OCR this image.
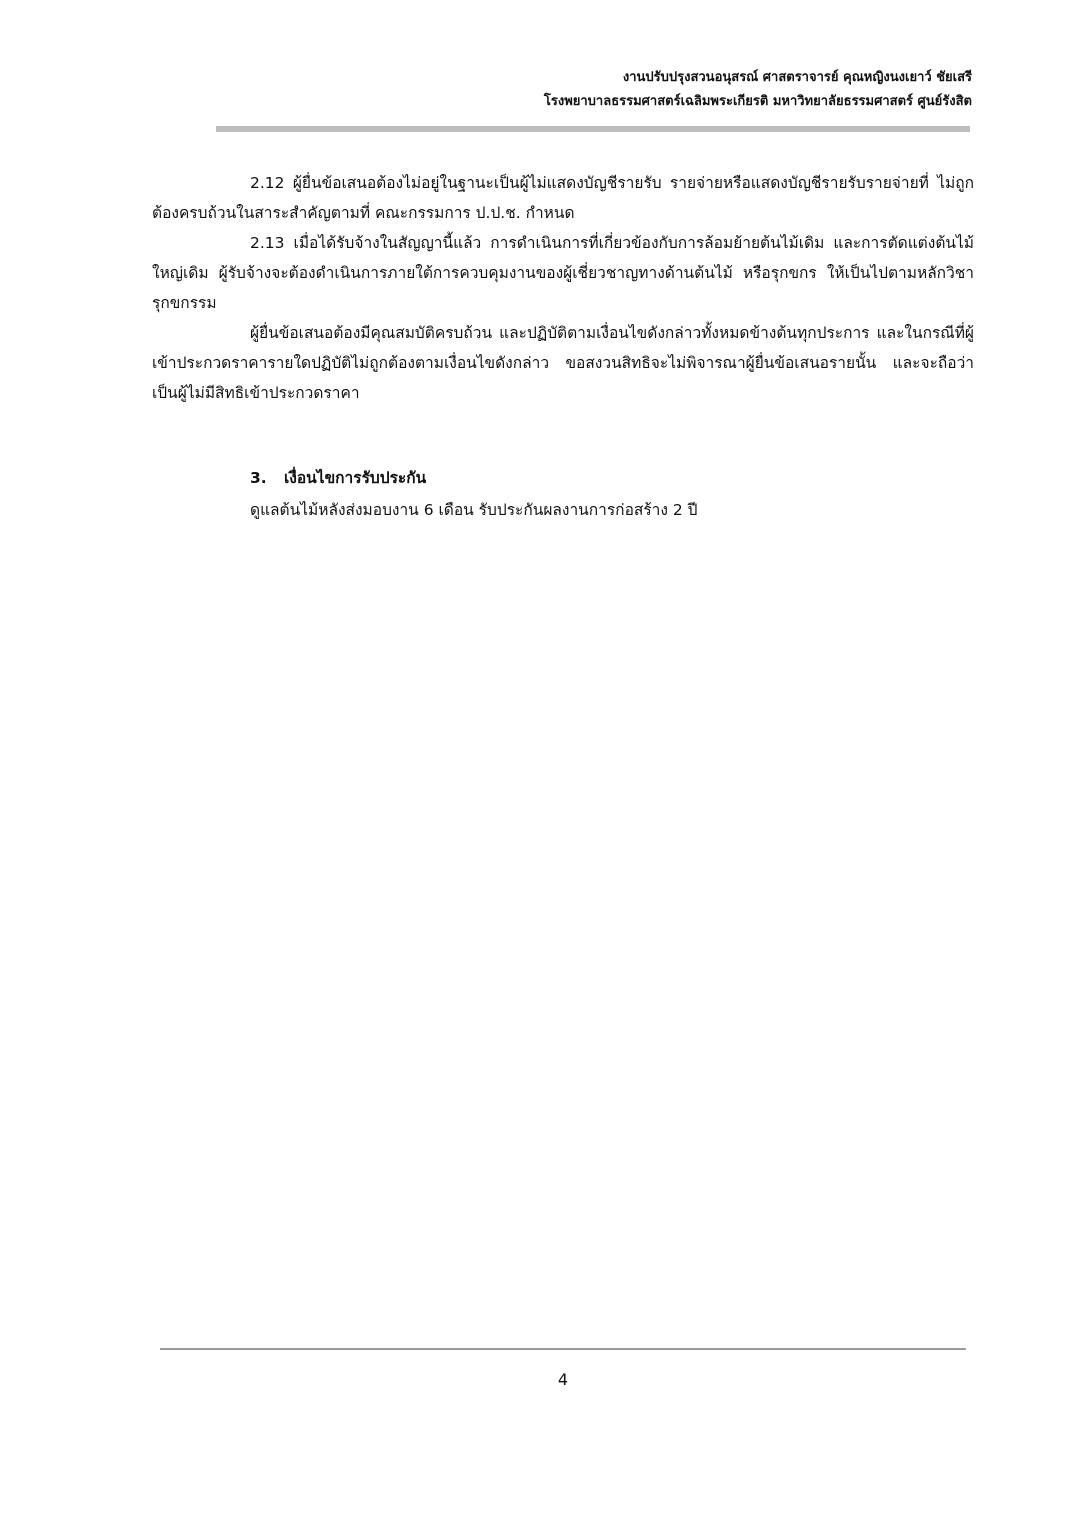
งานปรับปรุงสวนอนุสรณ์ ศาสตราจารย์ คุณหญิงนงเยาว์ ชัยเสรี
โรงพยาบาลธรรมศาสตร์เฉลิมพระเกียรติ มหาวิทยาลัยธรรมศาสตร์ ศูนย์รังสิต

2.12 ผู้ยื่นข้อเสนอต้องไม่อยู่ในฐานะเป็นผู้ไม่แสดงบัญชีรายรับ รายจ่ายหรือแสดงบัญชีรายรับรายจ่ายที่ ไม่ถูกต้องครบถ้วนในสาระสำคัญตามที่ คณะกรรมการ ป.ป.ช. กำหนด

2.13 เมื่อได้รับจ้างในสัญญานี้แล้ว การดำเนินการที่เกี่ยวข้องกับการล้อมย้ายต้นไม้เดิม และการตัดแต่งต้นไม้ใหญ่เดิม ผู้รับจ้างจะต้องดำเนินการภายใต้การควบคุมงานของผู้เชี่ยวชาญทางด้านต้นไม้ หรือรุกขกร ให้เป็นไปตามหลักวิชารุกขกรรม

ผู้ยื่นข้อเสนอต้องมีคุณสมบัติครบถ้วน และปฏิบัติตามเงื่อนไขดังกล่าวทั้งหมดข้างต้นทุกประการ และในกรณีที่ผู้เข้าประกวดราคารายใดปฏิบัติไม่ถูกต้องตามเงื่อนไขดังกล่าว ขอสงวนสิทธิจะไม่พิจารณาผู้ยื่นข้อเสนอรายนั้น และจะถือว่าเป็นผู้ไม่มีสิทธิเข้าประกวดราคา

3. เงื่อนไขการรับประกัน

ดูแลต้นไม้หลังส่งมอบงาน 6 เดือน รับประกันผลงานการก่อสร้าง 2 ปี

4
